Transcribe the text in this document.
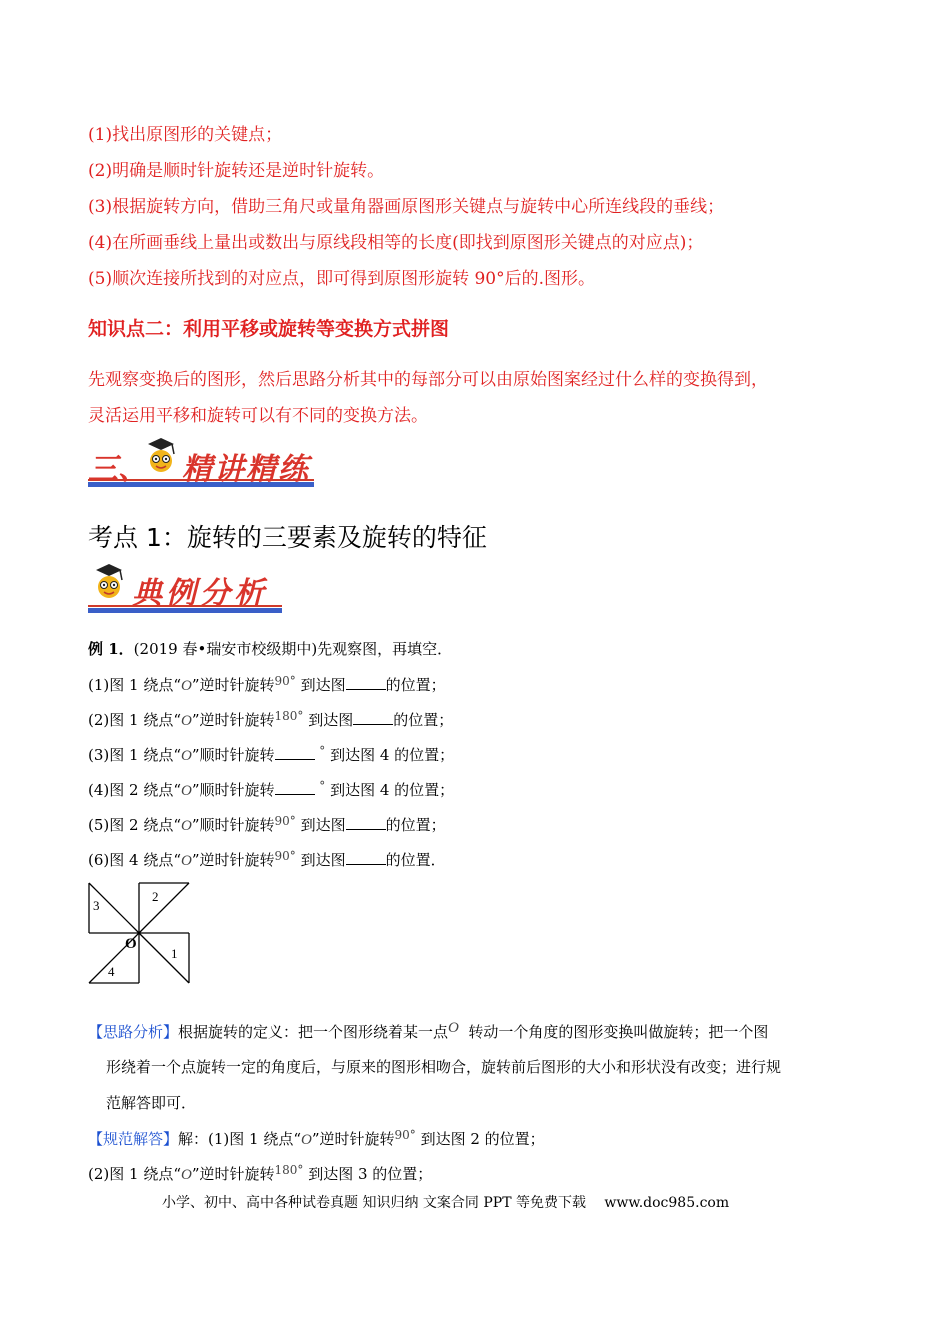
(1)找出原图形的关键点；
(2)明确是顺时针旋转还是逆时针旋转。
(3)根据旋转方向，借助三角尺或量角器画原图形关键点与旋转中心所连线段的垂线；
(4)在所画垂线上量出或数出与原线段相等的长度(即找到原图形关键点的对应点)；
(5)顺次连接所找到的对应点，即可得到原图形旋转 90°后的.图形。
知识点二：利用平移或旋转等变换方式拼图
先观察变换后的图形，然后思路分析其中的每部分可以由原始图案经过什么样的变换得到，
灵活运用平移和旋转可以有不同的变换方法。
三、 精讲精练
考点 1：旋转的三要素及旋转的特征
典例分析
例 1．(2019 春•瑞安市校级期中)先观察图，再填空．
(1)图 1 绕点“O”逆时针旋转$^{90^\circ}$ 到达图	的位置；
(2)图 1 绕点“O”逆时针旋转$^{180^\circ}$ 到达图	的位置；
(3)图 1 绕点“O”顺时针旋转	° 到达图 4 的位置；
(4)图 2 绕点“O”顺时针旋转	° 到达图 4 的位置；
(5)图 2 绕点“O”顺时针旋转$^{90^\circ}$ 到达图	的位置；
(6)图 4 绕点“O”逆时针旋转$^{90^\circ}$ 到达图	的位置．
1
2
3
4
O
【思路分析】根据旋转的定义：把一个图形绕着某一点O 转动一个角度的图形变换叫做旋转；把一个图
形绕着一个点旋转一定的角度后，与原来的图形相吻合，旋转前后图形的大小和形状没有改变；进行规
范解答即可．
【规范解答】解：(1)图 1 绕点“O”逆时针旋转$^{90^\circ}$ 到达图 2 的位置；
(2)图 1 绕点“O”逆时针旋转$^{180^\circ}$ 到达图 3 的位置；
小学、初中、高中各种试卷真题 知识归纳 文案合同 PPT 等免费下载　 www.doc985.com
